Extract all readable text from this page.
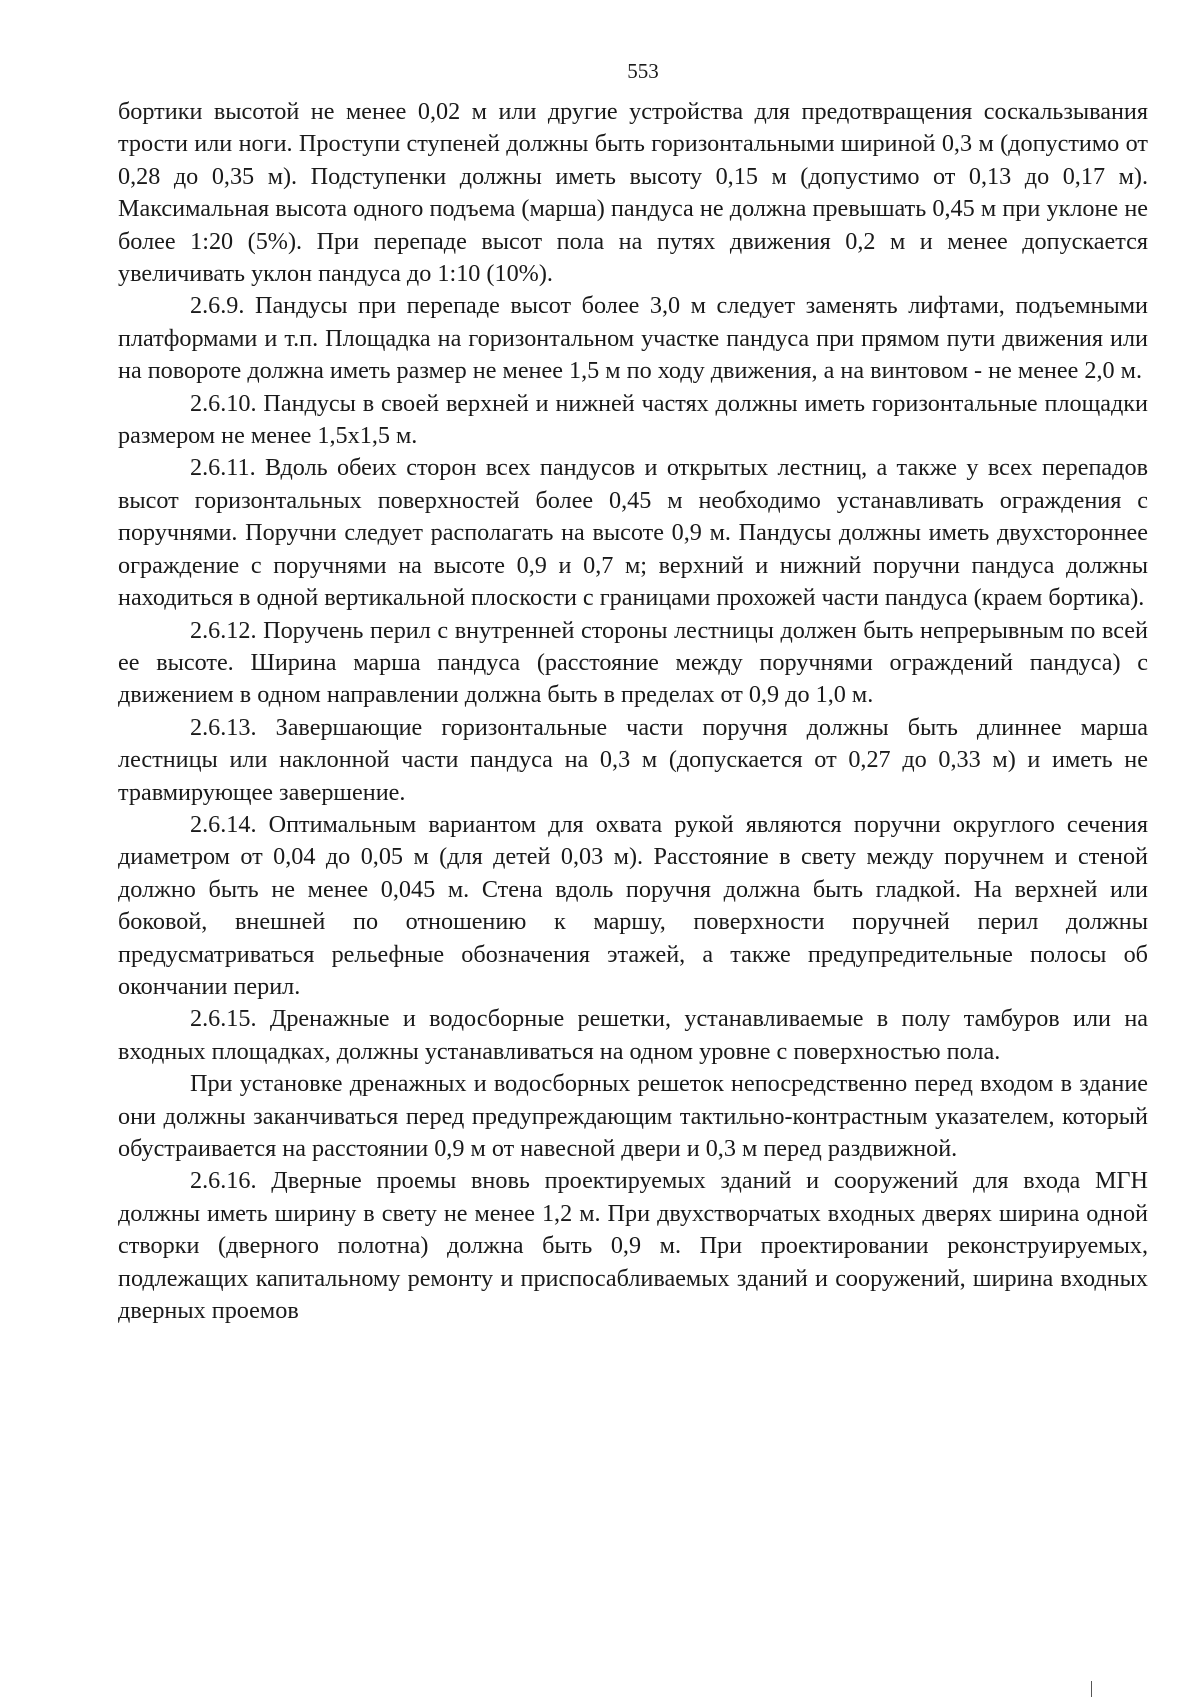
553

бортики высотой не менее 0,02 м или другие устройства для предотвращения соскальзывания трости или ноги. Проступи ступеней должны быть горизонтальными шириной 0,3 м (допустимо от 0,28 до 0,35 м). Подступенки должны иметь высоту 0,15 м (допустимо от 0,13 до 0,17 м). Максимальная высота одного подъема (марша) пандуса не должна превышать 0,45 м при уклоне не более 1:20 (5%). При перепаде высот пола на путях движения 0,2 м и менее допускается увеличивать уклон пандуса до 1:10 (10%).

2.6.9. Пандусы при перепаде высот более 3,0 м следует заменять лифтами, подъемными платформами и т.п. Площадка на горизонтальном участке пандуса при прямом пути движения или на повороте должна иметь размер не менее 1,5 м по ходу движения, а на винтовом - не менее 2,0 м.

2.6.10. Пандусы в своей верхней и нижней частях должны иметь горизонтальные площадки размером не менее 1,5x1,5 м.

2.6.11. Вдоль обеих сторон всех пандусов и открытых лестниц, а также у всех перепадов высот горизонтальных поверхностей более 0,45 м необходимо устанавливать ограждения с поручнями. Поручни следует располагать на высоте 0,9 м. Пандусы должны иметь двухстороннее ограждение с поручнями на высоте 0,9 и 0,7 м; верхний и нижний поручни пандуса должны находиться в одной вертикальной плоскости с границами прохожей части пандуса (краем бортика).

2.6.12. Поручень перил с внутренней стороны лестницы должен быть непрерывным по всей ее высоте. Ширина марша пандуса (расстояние между поручнями ограждений пандуса) с движением в одном направлении должна быть в пределах от 0,9 до 1,0 м.

2.6.13. Завершающие горизонтальные части поручня должны быть длиннее марша лестницы или наклонной части пандуса на 0,3 м (допускается от 0,27 до 0,33 м) и иметь не травмирующее завершение.

2.6.14. Оптимальным вариантом для охвата рукой являются поручни округлого сечения диаметром от 0,04 до 0,05 м (для детей 0,03 м). Расстояние в свету между поручнем и стеной должно быть не менее 0,045 м. Стена вдоль поручня должна быть гладкой. На верхней или боковой, внешней по отношению к маршу, поверхности поручней перил должны предусматриваться рельефные обозначения этажей, а также предупредительные полосы об окончании перил.

2.6.15. Дренажные и водосборные решетки, устанавливаемые в полу тамбуров или на входных площадках, должны устанавливаться на одном уровне с поверхностью пола.

При установке дренажных и водосборных решеток непосредственно перед входом в здание они должны заканчиваться перед предупреждающим тактильно-контрастным указателем, который обустраивается на расстоянии 0,9 м от навесной двери и 0,3 м перед раздвижной.

2.6.16. Дверные проемы вновь проектируемых зданий и сооружений для входа МГН должны иметь ширину в свету не менее 1,2 м. При двухстворчатых входных дверях ширина одной створки (дверного полотна) должна быть 0,9 м. При проектировании реконструируемых, подлежащих капитальному ремонту и приспосабливаемых зданий и сооружений, ширина входных дверных проемов
